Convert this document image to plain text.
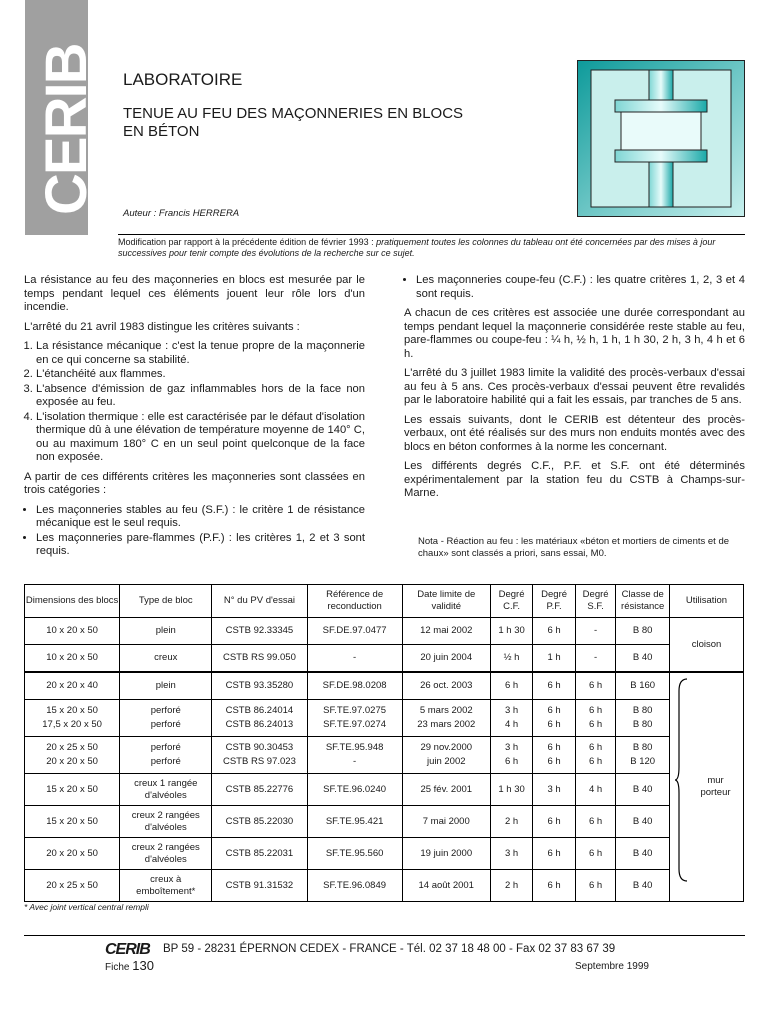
CERIB LABORATOIRE
TENUE AU FEU DES MAÇONNERIES EN BLOCS
EN BÉTON
Auteur : Francis HERRERA
Modification par rapport à la précédente édition de février 1993 : pratiquement toutes les colonnes du tableau ont été concernées par des mises à jour successives pour tenir compte des évolutions de la recherche sur ce sujet.

La résistance au feu des maçonneries en blocs est mesurée par le temps pendant lequel ces éléments jouent leur rôle lors d'un incendie.

L'arrêté du 21 avril 1983 distingue les critères suivants :

1. La résistance mécanique : c'est la tenue propre de la maçonnerie en ce qui concerne sa stabilité.
2. L'étanchéité aux flammes.
3. L'absence d'émission de gaz inflammables hors de la face non exposée au feu.
4. L'isolation thermique : elle est caractérisée par le défaut d'isolation thermique dû à une élévation de température moyenne de 140° C, ou au maximum 180° C en un seul point quelconque de la face non exposée.

A partir de ces différents critères les maçonneries sont classées en trois catégories :

• Les maçonneries stables au feu (S.F.) : le critère 1 de résistance mécanique est le seul requis.
• Les maçonneries pare-flammes (P.F.) : les critères 1, 2 et 3 sont requis.
• Les maçonneries coupe-feu (C.F.) : les quatre critères 1, 2, 3 et 4 sont requis.

A chacun de ces critères est associée une durée correspondant au temps pendant lequel la maçonnerie considérée reste stable au feu, pare-flammes ou coupe-feu : ¼ h, ½ h, 1 h, 1 h 30, 2 h, 3 h, 4 h et 6 h.

L'arrêté du 3 juillet 1983 limite la validité des procès-verbaux d'essai au feu à 5 ans. Ces procès-verbaux d'essai peuvent être revalidés par le laboratoire habilité qui a fait les essais, par tranches de 5 ans.

Les essais suivants, dont le CERIB est détenteur des procès-verbaux, ont été réalisés sur des murs non enduits montés avec des blocs en béton conformes à la norme les concernant.

Les différents degrés C.F., P.F. et S.F. ont été déterminés expérimentalement par la station feu du CSTB à Champs-sur-Marne.

Nota - Réaction au feu : les matériaux «béton et mortiers de ciments et de chaux» sont classés a priori, sans essai, M0.
Dimensions des blocs	Type de bloc	N° du PV d'essai	Référence de reconduction	Date limite de validité	Degré C.F.	Degré P.F.	Degré S.F.	Classe de résistance	Utilisation
10 x 20 x 50	plein	CSTB 92.33345	SF.DE.97.0477	12 mai 2002	1 h 30	6 h	-	B 80	cloison
10 x 20 x 50	creux	CSTB RS 99.050	-	20 juin 2004	½ h	1 h	-	B 40	
20 x 20 x 40	plein	CSTB 93.35280	SF.DE.98.0208	26 oct. 2003	6 h	6 h	6 h	B 160	mur porteur
15 x 20 x 50	perforé	CSTB 86.24014	SF.TE.97.0275	5 mars 2002	3 h	6 h	6 h	B 80	
17,5 x 20 x 50	perforé	CSTB 86.24013	SF.TE.97.0274	23 mars 2002	4 h	6 h	6 h	B 80	
20 x 25 x 50	perforé	CSTB 90.30453	SF.TE.95.948	29 nov.2000	3 h	6 h	6 h	B 80	
20 x 20 x 50	perforé	CSTB RS 97.023	-	juin 2002	6 h	6 h	6 h	B 120	
15 x 20 x 50	creux 1 rangée d'alvéoles	CSTB 85.22776	SF.TE.96.0240	25 fév. 2001	1 h 30	3 h	4 h	B 40	
15 x 20 x 50	creux 2 rangées d'alvéoles	CSTB 85.22030	SF.TE.95.421	7 mai 2000	2 h	6 h	6 h	B 40	
20 x 20 x 50	creux 2 rangées d'alvéoles	CSTB 85.22031	SF.TE.95.560	19 juin 2000	3 h	6 h	6 h	B 40	
20 x 25 x 50	creux à emboîtement*	CSTB 91.31532	SF.TE.96.0849	14 août 2001	2 h	6 h	6 h	B 40	
* Avec joint vertical central rempli
CERIB BP 59 - 28231 ÉPERNON CEDEX - FRANCE - Tél. 02 37 18 48 00 - Fax 02 37 83 67 39
Fiche 130	Septembre 1999
